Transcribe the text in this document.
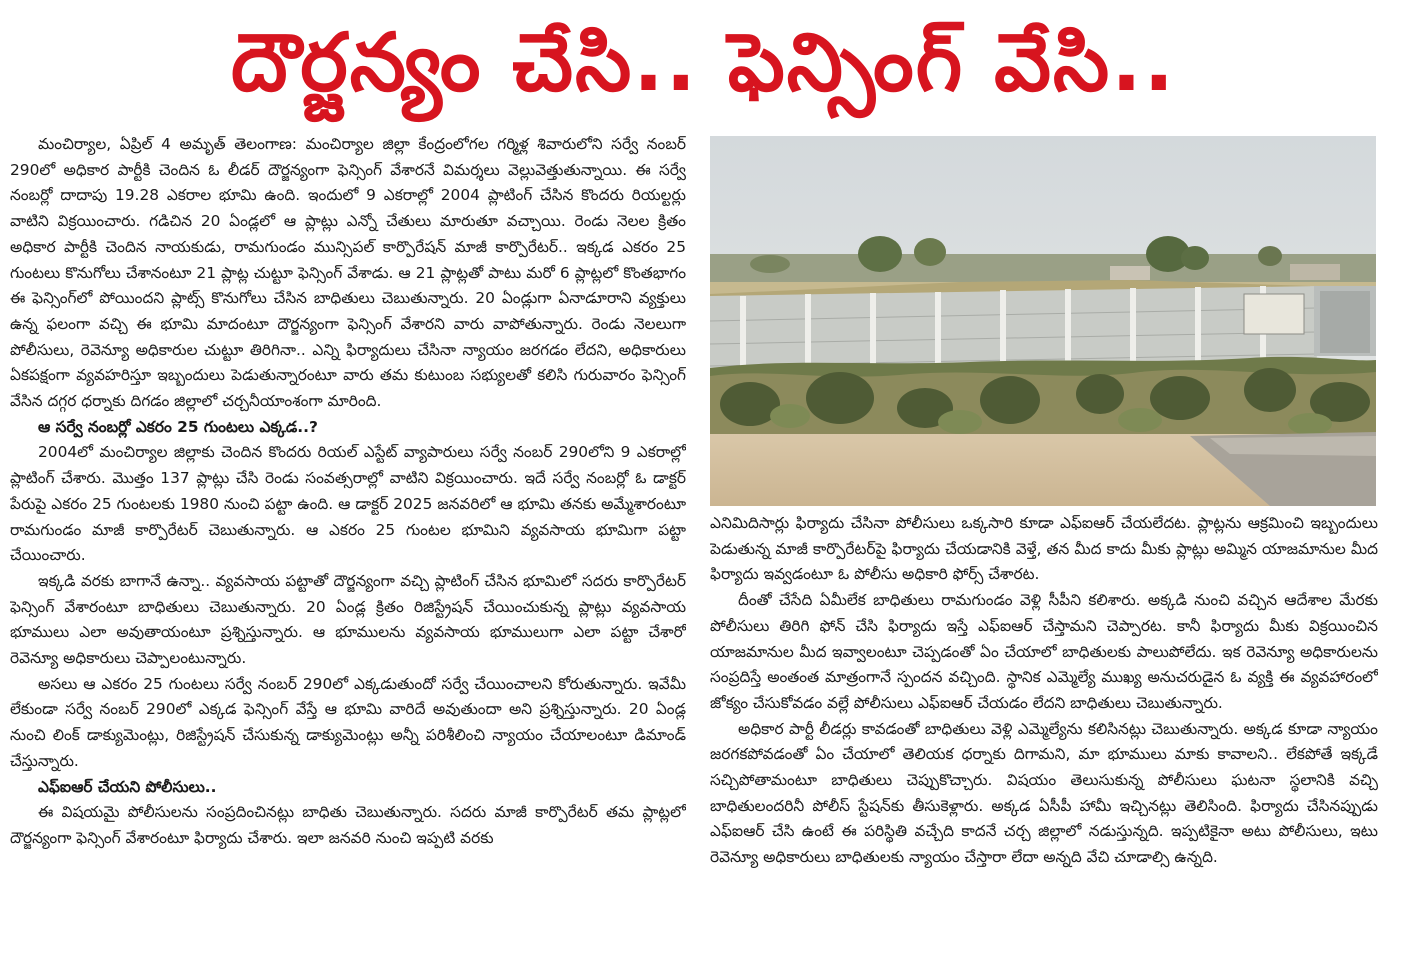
దౌర్జన్యం చేసి.. ఫెన్సింగ్ వేసి..

మంచిర్యాల, ఏప్రిల్ 4 అమృత్ తెలంగాణ: మంచిర్యాల జిల్లా కేంద్రంలోగల గర్మిళ్ల శివారులోని సర్వే నంబర్ 290లో అధికార పార్టీకి చెందిన ఓ లీడర్ దౌర్జన్యంగా ఫెన్సింగ్ వేశారనే విమర్శలు వెల్లువెత్తుతున్నాయి. ఈ సర్వే నంబర్లో దాదాపు 19.28 ఎకరాల భూమి ఉంది. ఇందులో 9 ఎకరాల్లో 2004 ప్లాటింగ్ చేసిన కొందరు రియల్టర్లు వాటిని విక్రయించారు. గడిచిన 20 ఏండ్లలో ఆ ప్లాట్లు ఎన్నో చేతులు మారుతూ వచ్చాయి. రెండు నెలల క్రితం అధికార పార్టీకి చెందిన నాయకుడు, రామగుండం మున్సిపల్ కార్పొరేషన్ మాజీ కార్పొరేటర్.. ఇక్కడ ఎకరం 25 గుంటలు కొనుగోలు చేశానంటూ 21 ప్లాట్ల చుట్టూ ఫెన్సింగ్ వేశాడు. ఆ 21 ప్లాట్లతో పాటు మరో 6 ప్లాట్లలో కొంతభాగం ఈ ఫెన్సింగ్‌లో పోయిందని ప్లాట్స్ కొనుగోలు చేసిన బాధితులు చెబుతున్నారు. 20 ఏండ్లుగా ఏనాడూరాని వ్యక్తులు ఉన్న ఫలంగా వచ్చి ఈ భూమి మాదంటూ దౌర్జన్యంగా ఫెన్సింగ్ వేశారని వారు వాపోతున్నారు. రెండు నెలలుగా పోలీసులు, రెవెన్యూ అధికారుల చుట్టూ తిరిగినా.. ఎన్ని ఫిర్యాదులు చేసినా న్యాయం జరగడం లేదని, అధికారులు ఏకపక్షంగా వ్యవహరిస్తూ ఇబ్బందులు పెడుతున్నారంటూ వారు తమ కుటుంబ సభ్యులతో కలిసి గురువారం ఫెన్సింగ్ వేసిన దగ్గర ధర్నాకు దిగడం జిల్లాలో చర్చనీయాంశంగా మారింది.

ఆ సర్వే నంబర్లో ఎకరం 25 గుంటలు ఎక్కడ..?

2004లో మంచిర్యాల జిల్లాకు చెందిన కొందరు రియల్ ఎస్టేట్ వ్యాపారులు సర్వే నంబర్ 290లోని 9 ఎకరాల్లో ప్లాటింగ్ చేశారు. మొత్తం 137 ప్లాట్లు చేసి రెండు సంవత్సరాల్లో వాటిని విక్రయించారు. ఇదే సర్వే నంబర్లో ఓ డాక్టర్ పేరుపై ఎకరం 25 గుంటలకు 1980 నుంచి పట్టా ఉంది. ఆ డాక్టర్ 2025 జనవరిలో ఆ భూమి తనకు అమ్మేశారంటూ రామగుండం మాజీ కార్పొరేటర్ చెబుతున్నారు. ఆ ఎకరం 25 గుంటల భూమిని వ్యవసాయ భూమిగా పట్టా చేయించారు.

ఇక్కడి వరకు బాగానే ఉన్నా.. వ్యవసాయ పట్టాతో దౌర్జన్యంగా వచ్చి ప్లాటింగ్ చేసిన భూమిలో సదరు కార్పొరేటర్ ఫెన్సింగ్ వేశారంటూ బాధితులు చెబుతున్నారు. 20 ఏండ్ల క్రితం రిజిస్ట్రేషన్ చేయించుకున్న ప్లాట్లు వ్యవసాయ భూములు ఎలా అవుతాయంటూ ప్రశ్నిస్తున్నారు. ఆ భూములను వ్యవసాయ భూములుగా ఎలా పట్టా చేశారో రెవెన్యూ అధికారులు చెప్పాలంటున్నారు.

అసలు ఆ ఎకరం 25 గుంటలు సర్వే నంబర్ 290లో ఎక్కడుతుందో సర్వే చేయించాలని కోరుతున్నారు. ఇవేమీ లేకుండా సర్వే నంబర్ 290లో ఎక్కడ ఫెన్సింగ్ వేస్తే ఆ భూమి వారిదే అవుతుందా అని ప్రశ్నిస్తున్నారు. 20 ఏండ్ల నుంచి లింక్ డాక్యుమెంట్లు, రిజిస్ట్రేషన్ చేసుకున్న డాక్యుమెంట్లు అన్నీ పరిశీలించి న్యాయం చేయాలంటూ డిమాండ్ చేస్తున్నారు.

ఎఫ్ఐఆర్ చేయని పోలీసులు..

ఈ విషయమై పోలీసులను సంప్రదించినట్లు బాధితు చెబుతున్నారు. సదరు మాజీ కార్పొరేటర్ తమ ప్లాట్లలో దౌర్జన్యంగా ఫెన్సింగ్ వేశారంటూ ఫిర్యాదు చేశారు. ఇలా జనవరి నుంచి ఇప్పటి వరకు

ఎనిమిదిసార్లు ఫిర్యాదు చేసినా పోలీసులు ఒక్కసారి కూడా ఎఫ్ఐఆర్ చేయలేదట. ప్లాట్లను ఆక్రమించి ఇబ్బందులు పెడుతున్న మాజీ కార్పొరేటర్‌పై ఫిర్యాదు చేయడానికి వెళ్తే, తన మీద కాదు మీకు ప్లాట్లు అమ్మిన యాజమానుల మీద ఫిర్యాదు ఇవ్వడంటూ ఓ పోలీసు అధికారి ఫోర్స్ చేశారట.

దీంతో చేసేది ఏమీలేక బాధితులు రామగుండం వెళ్లి సీపీని కలిశారు. అక్కడి నుంచి వచ్చిన ఆదేశాల మేరకు పోలీసులు తిరిగి ఫోన్ చేసి ఫిర్యాదు ఇస్తే ఎఫ్ఐఆర్ చేస్తామని చెప్పారట. కానీ ఫిర్యాదు మీకు విక్రయించిన యాజమానుల మీద ఇవ్వాలంటూ చెప్పడంతో ఏం చేయాలో బాధితులకు పాలుపోలేదు. ఇక రెవెన్యూ అధికారులను సంప్రదిస్తే అంతంత మాత్రంగానే స్పందన వచ్చింది. స్థానిక ఎమ్మెల్యే ముఖ్య అనుచరుడైన ఓ వ్యక్తి ఈ వ్యవహారంలో జోక్యం చేసుకోవడం వల్లే పోలీసులు ఎఫ్ఐఆర్ చేయడం లేదని బాధితులు చెబుతున్నారు.

అధికార పార్టీ లీడర్లు కావడంతో బాధితులు వెళ్లి ఎమ్మెల్యేను కలిసినట్లు చెబుతున్నారు. అక్కడ కూడా న్యాయం జరగకపోవడంతో ఏం చేయాలో తెలియక ధర్నాకు దిగామని, మా భూములు మాకు కావాలని.. లేకపోతే ఇక్కడే సచ్చిపోతామంటూ బాధితులు చెప్పుకొచ్చారు. విషయం తెలుసుకున్న పోలీసులు ఘటనా స్థలానికి వచ్చి బాధితులందరినీ పోలీస్ స్టేషన్‌కు తీసుకెళ్లారు. అక్కడ ఏసీపీ హామీ ఇచ్చినట్లు తెలిసింది. ఫిర్యాదు చేసినప్పుడు ఎఫ్ఐఆర్ చేసి ఉంటే ఈ పరిస్థితి వచ్చేది కాదనే చర్చ జిల్లాలో నడుస్తున్నది. ఇప్పటికైనా అటు పోలీసులు, ఇటు రెవెన్యూ అధికారులు బాధితులకు న్యాయం చేస్తారా లేదా అన్నది వేచి చూడాల్సి ఉన్నది.
